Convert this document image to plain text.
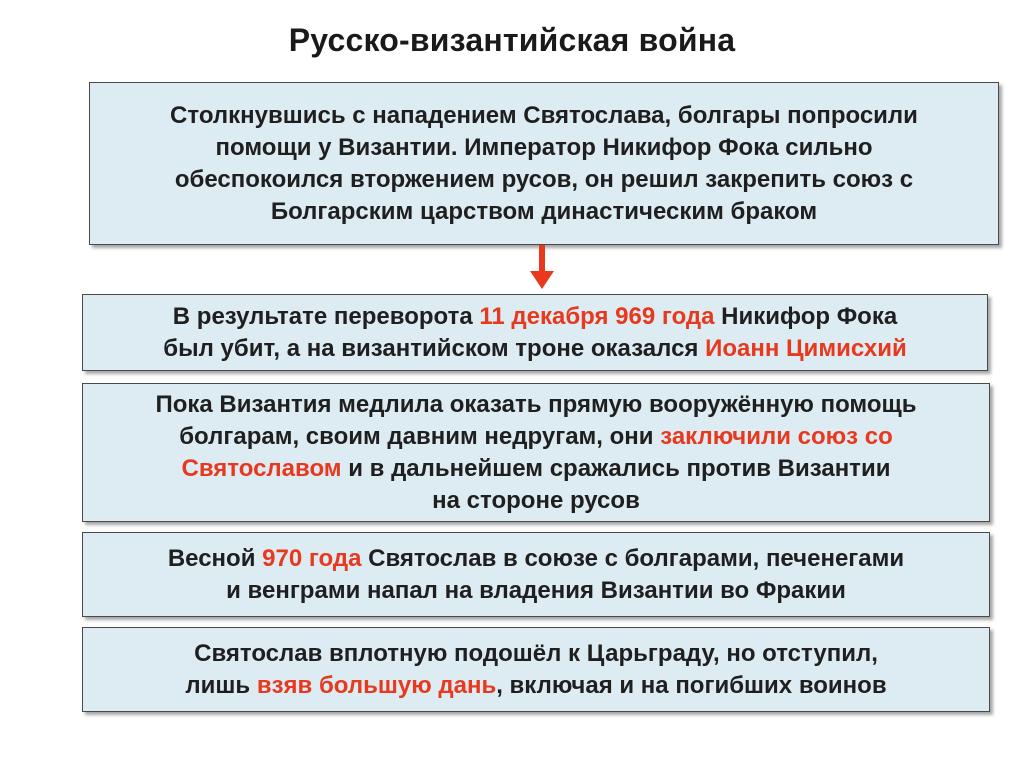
Русско-византийская война
Столкнувшись с нападением Святослава, болгары попросили
помощи у Византии. Император Никифор Фока сильно
обеспокоился вторжением русов, он решил закрепить союз с
Болгарским царством династическим браком
В результате переворота 11 декабря 969 года Никифор Фока
был убит, а на византийском троне оказался Иоанн Цимисхий
Пока Византия медлила оказать прямую вооружённую помощь
болгарам, своим давним недругам, они заключили союз со
Святославом и в дальнейшем сражались против Византии
на стороне русов
Весной 970 года Святослав в союзе с болгарами, печенегами
и венграми напал на владения Византии во Фракии
Святослав вплотную подошёл к Царьграду, но отступил,
лишь взяв большую дань, включая и на погибших воинов
